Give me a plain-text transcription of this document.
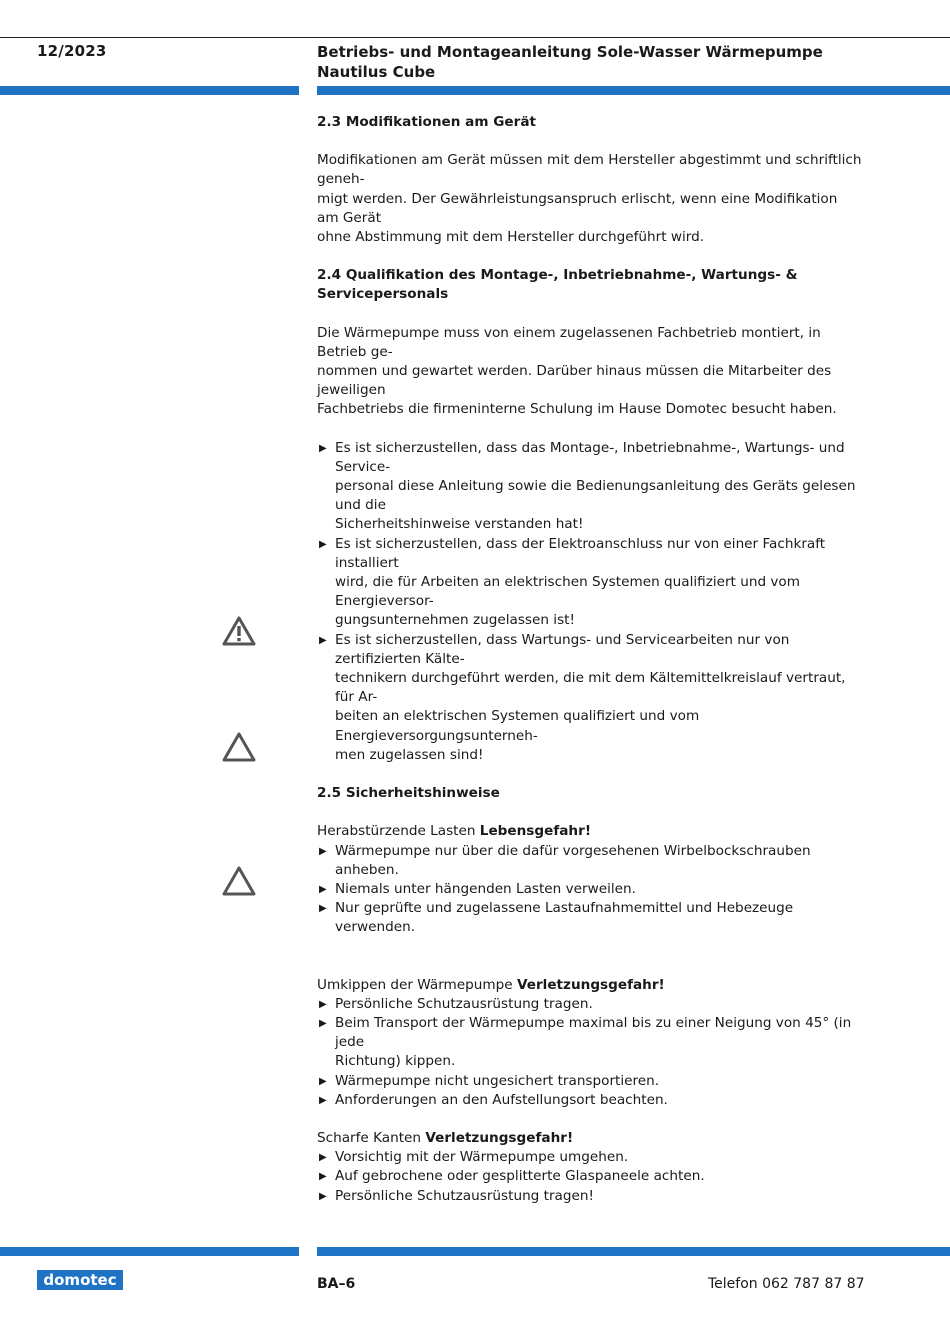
12/2023	Betriebs- und Montageanleitung Sole-Wasser Wärmepumpe
Nautilus Cube
2.3 Modifikationen am Gerät

Modifikationen am Gerät müssen mit dem Hersteller abgestimmt und schriftlich geneh-
migt werden. Der Gewährleistungsanspruch erlischt, wenn eine Modifikation am Gerät
ohne Abstimmung mit dem Hersteller durchgeführt wird.

2.4 Qualifikation des Montage-, Inbetriebnahme-, Wartungs- &
Servicepersonals

Die Wärmepumpe muss von einem zugelassenen Fachbetrieb montiert, in Betrieb ge-
nommen und gewartet werden. Darüber hinaus müssen die Mitarbeiter des jeweiligen
Fachbetriebs die firmeninterne Schulung im Hause Domotec besucht haben.

▶ Es ist sicherzustellen, dass das Montage-, Inbetriebnahme-, Wartungs- und Service-
personal diese Anleitung sowie die Bedienungsanleitung des Geräts gelesen und die
Sicherheitshinweise verstanden hat!
▶ Es ist sicherzustellen, dass der Elektroanschluss nur von einer Fachkraft installiert
wird, die für Arbeiten an elektrischen Systemen qualifiziert und vom Energieversor-
gungsunternehmen zugelassen ist!
▶ Es ist sicherzustellen, dass Wartungs- und Servicearbeiten nur von zertifizierten Kälte-
technikern durchgeführt werden, die mit dem Kältemittelkreislauf vertraut, für Ar-
beiten an elektrischen Systemen qualifiziert und vom Energieversorgungsunterneh-
men zugelassen sind!
2.5 Sicherheitshinweise

Herabstürzende Lasten Lebensgefahr!

▶ Wärmepumpe nur über die dafür vorgesehenen Wirbelbockschrauben anheben.
▶ Niemals unter hängenden Lasten verweilen.
▶ Nur geprüfte und zugelassene Lastaufnahmemittel und Hebezeuge verwenden.

Umkippen der Wärmepumpe Verletzungsgefahr!

▶ Persönliche Schutzausrüstung tragen.
▶ Beim Transport der Wärmepumpe maximal bis zu einer Neigung von 45° (in jede
Richtung) kippen.
▶ Wärmepumpe nicht ungesichert transportieren.
▶ Anforderungen an den Aufstellungsort beachten.

Scharfe Kanten Verletzungsgefahr!

▶ Vorsichtig mit der Wärmepumpe umgehen.
▶ Auf gebrochene oder gesplitterte Glaspaneele achten.
▶ Persönliche Schutzausrüstung tragen!
domotec	BA–6	Telefon 062 787 87 87
